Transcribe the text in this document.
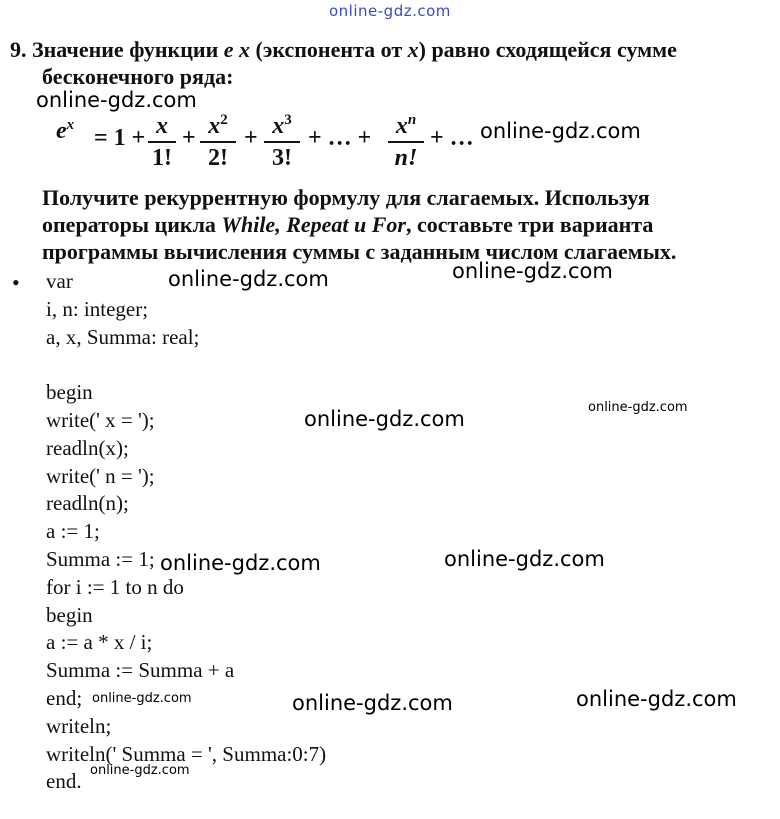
online-gdz.com
9. Значение функции e x (экспонента от x) равно сходящейся сумме
бесконечного ряда:
$e^x = 1 + x$
1!
+ $x^2$
2!
+ $x^3$
3!
+ … +	$x^n$
n!
+ …
Получите рекуррентную формулу для слагаемых. Используя
операторы цикла While, Repeat и For, составьте три варианта
программы вычисления суммы с заданным числом слагаемых.
• var
i, n: integer;
a, x, Summa: real;
begin
write(' x = ');
readln(x);
write(' n = ');
readln(n);
a := 1;
Summa := 1;
for i := 1 to n do
begin
a := a * x / i;
Summa := Summa + a
end;
writeln;
writeln(' Summa = ', Summa:0:7)
end.
online-gdz.com
online-gdz.com
online-gdz.com
online-gdz.com
online-gdz.com
online-gdz.com
online-gdz.com
online-gdz.com
online-gdz.com
online-gdz.com	online-gdz.com
online-gdz.com
